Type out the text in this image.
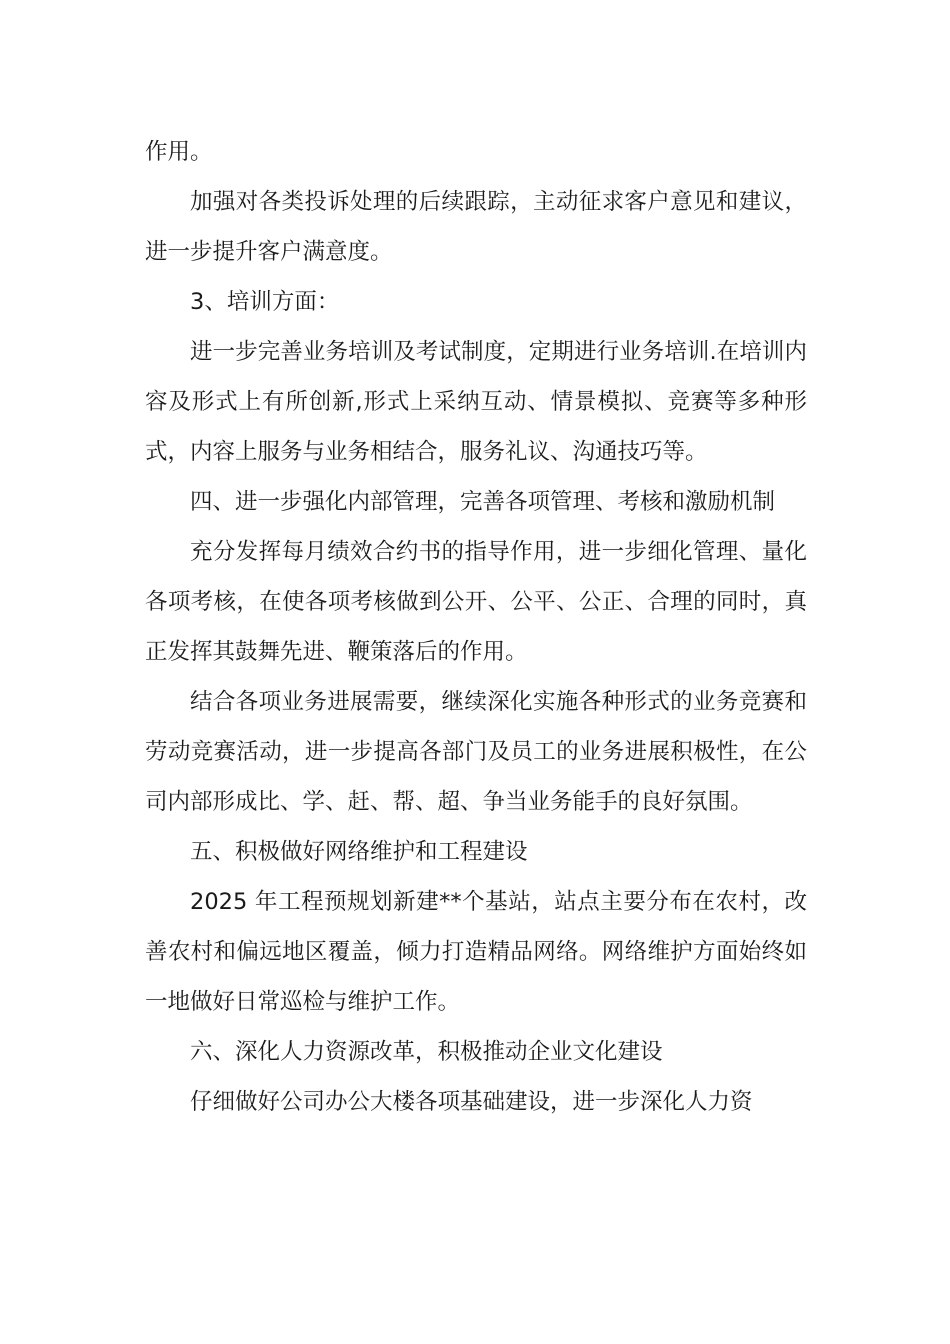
作用。

加强对各类投诉处理的后续跟踪，主动征求客户意见和建议，进一步提升客户满意度。

3、培训方面：

进一步完善业务培训及考试制度，定期进行业务培训.在培训内容及形式上有所创新,形式上采纳互动、情景模拟、竞赛等多种形式，内容上服务与业务相结合，服务礼议、沟通技巧等。

四、进一步强化内部管理，完善各项管理、考核和激励机制

充分发挥每月绩效合约书的指导作用，进一步细化管理、量化各项考核，在使各项考核做到公开、公平、公正、合理的同时，真正发挥其鼓舞先进、鞭策落后的作用。

结合各项业务进展需要，继续深化实施各种形式的业务竞赛和劳动竞赛活动，进一步提高各部门及员工的业务进展积极性，在公司内部形成比、学、赶、帮、超、争当业务能手的良好氛围。

五、积极做好网络维护和工程建设

2025 年工程预规划新建**个基站，站点主要分布在农村，改善农村和偏远地区覆盖，倾力打造精品网络。网络维护方面始终如一地做好日常巡检与维护工作。

六、深化人力资源改革，积极推动企业文化建设

仔细做好公司办公大楼各项基础建设，进一步深化人力资
